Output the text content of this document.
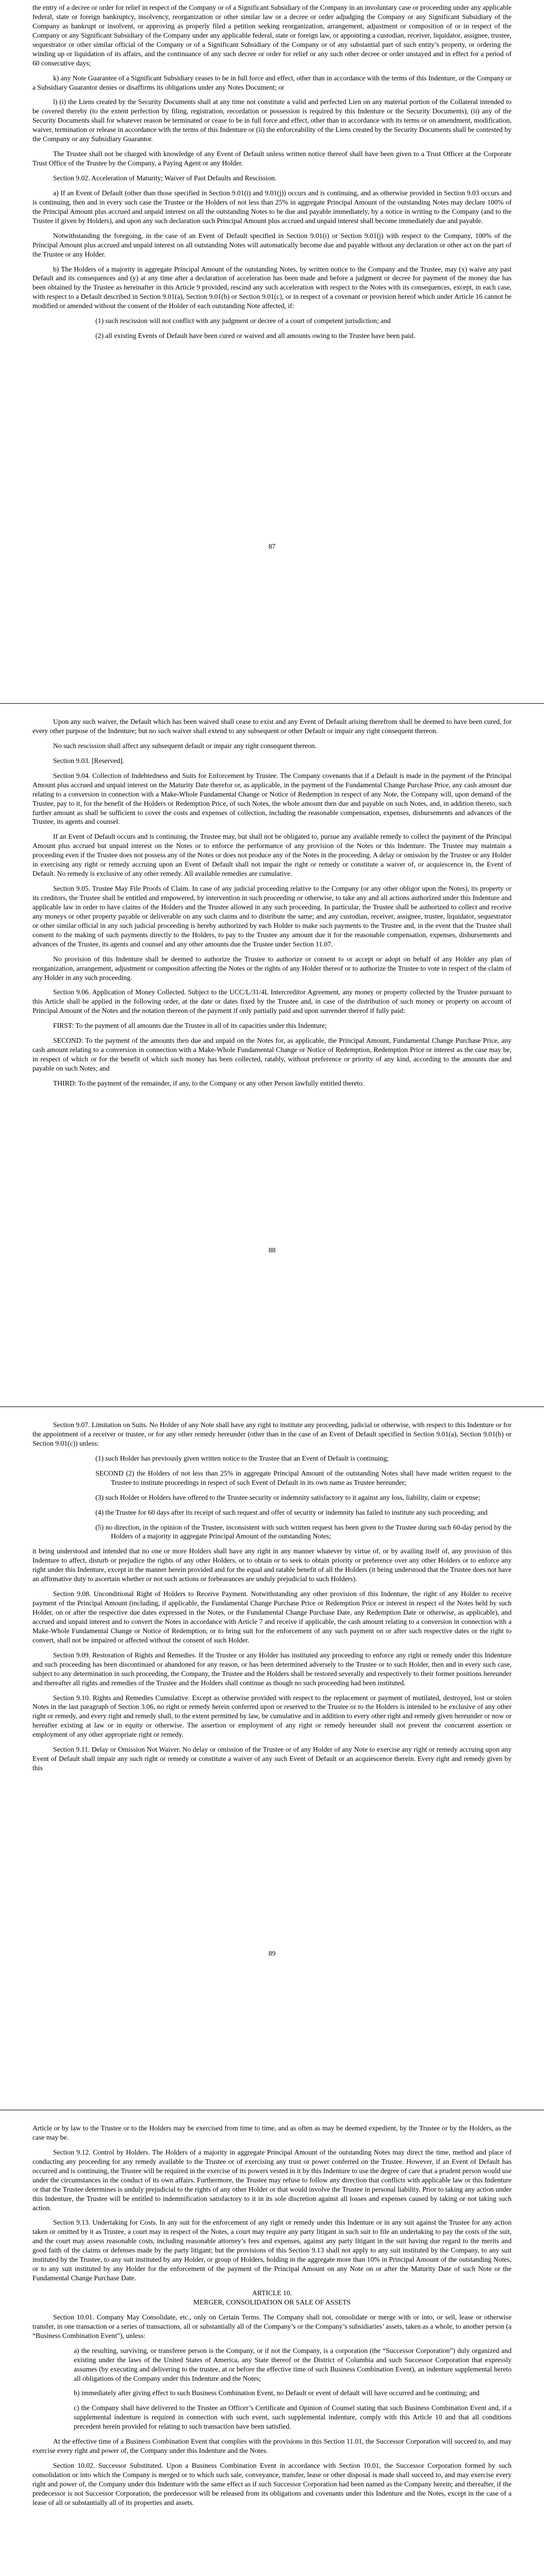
the entry of a decree or order for relief in respect of the Company or of a Significant Subsidiary of the Company in an involuntary case or proceeding under any applicable federal, state or foreign bankruptcy, insolvency, reorganization or other similar law or a decree or order adjudging the Company or any Significant Subsidiary of the Company as bankrupt or insolvent, or approving as properly filed a petition seeking reorganization, arrangement, adjustment or composition of or in respect of the Company or any Significant Subsidiary of the Company under any applicable federal, state or foreign law, or appointing a custodian, receiver, liquidator, assignee, trustee, sequestrator or other similar official of the Company or of a Significant Subsidiary of the Company or of any substantial part of such entity’s property, or ordering the winding up or liquidation of its affairs, and the continuance of any such decree or order for relief or any such other decree or order unstayed and in effect for a period of 60 consecutive days;

k) any Note Guarantee of a Significant Subsidiary ceases to be in full force and effect, other than in accordance with the terms of this Indenture, or the Company or a Subsidiary Guarantor denies or disaffirms its obligations under any Notes Document; or

l) (i) the Liens created by the Security Documents shall at any time not constitute a valid and perfected Lien on any material portion of the Collateral intended to be covered thereby (to the extent perfection by filing, registration, recordation or possession is required by this Indenture or the Security Documents), (ii) any of the Security Documents shall for whatever reason be terminated or cease to be in full force and effect, other than in accordance with its terms or on amendment, modification, waiver, termination or release in accordance with the terms of this Indenture or (ii) the enforceability of the Liens created by the Security Documents shall be contested by the Company or any Subsidiary Guarantor.

The Trustee shall not be charged with knowledge of any Event of Default unless written notice thereof shall have been given to a Trust Officer at the Corporate Trust Office of the Trustee by the Company, a Paying Agent or any Holder.

Section 9.02. Acceleration of Maturity; Waiver of Past Defaults and Rescission.

a) If an Event of Default (other than those specified in Section 9.01(i) and 9.01(j)) occurs and is continuing, and as otherwise provided in Section 9.03 occurs and is continuing, then and in every such case the Trustee or the Holders of not less than 25% in aggregate Principal Amount of the outstanding Notes may declare 100% of the Principal Amount plus accrued and unpaid interest on all the outstanding Notes to be due and payable immediately, by a notice in writing to the Company (and to the Trustee if given by Holders), and upon any such declaration such Principal Amount plus accrued and unpaid interest shall become immediately due and payable.

Notwithstanding the foregoing, in the case of an Event of Default specified in Section 9.01(i) or Section 9.01(j) with respect to the Company, 100% of the Principal Amount plus accrued and unpaid interest on all outstanding Notes will automatically become due and payable without any declaration or other act on the part of the Trustee or any Holder.

b) The Holders of a majority in aggregate Principal Amount of the outstanding Notes, by written notice to the Company and the Trustee, may (x) waive any past Default and its consequences and (y) at any time after a declaration of acceleration has been made and before a judgment or decree for payment of the money due has been obtained by the Trustee as hereinafter in this Article 9 provided, rescind any such acceleration with respect to the Notes with its consequences, except, in each case, with respect to a Default described in Section 9.01(a), Section 9.01(b) or Section 9.01(c), or in respect of a covenant or provision hereof which under Article 16 cannot be modified or amended without the consent of the Holder of each outstanding Note affected, if:

(1) such rescission will not conflict with any judgment or decree of a court of competent jurisdiction; and

(2) all existing Events of Default have been cured or waived and all amounts owing to the Trustee have been paid.

87

Upon any such waiver, the Default which has been waived shall cease to exist and any Event of Default arising therefrom shall be deemed to have been cured, for every other purpose of the Indenture; but no such waiver shall extend to any subsequent or other Default or impair any right consequent thereon.

No such rescission shall affect any subsequent default or impair any right consequent thereon.

Section 9.03. [Reserved].

Section 9.04. Collection of Indebtedness and Suits for Enforcement by Trustee. The Company covenants that if a Default is made in the payment of the Principal Amount plus accrued and unpaid interest on the Maturity Date therefor or, as applicable, in the payment of the Fundamental Change Purchase Price, any cash amount due relating to a conversion in connection with a Make-Whole Fundamental Change or Notice of Redemption in respect of any Note, the Company will, upon demand of the Trustee, pay to it, for the benefit of the Holders or Redemption Price, of such Notes, the whole amount then due and payable on such Notes, and, in addition thereto, such further amount as shall be sufficient to cover the costs and expenses of collection, including the reasonable compensation, expenses, disbursements and advances of the Trustee, its agents and counsel.

If an Event of Default occurs and is continuing, the Trustee may, but shall not be obligated to, pursue any available remedy to collect the payment of the Principal Amount plus accrued but unpaid interest on the Notes or to enforce the performance of any provision of the Notes or this Indenture. The Trustee may maintain a proceeding even if the Trustee does not possess any of the Notes or does not produce any of the Notes in the proceeding. A delay or omission by the Trustee or any Holder in exercising any right or remedy accruing upon an Event of Default shall not impair the right or remedy or constitute a waiver of, or acquiescence in, the Event of Default. No remedy is exclusive of any other remedy. All available remedies are cumulative.

Section 9.05. Trustee May File Proofs of Claim. In case of any judicial proceeding relative to the Company (or any other obligor upon the Notes), its property or its creditors, the Trustee shall be entitled and empowered, by intervention in such proceeding or otherwise, to take any and all actions authorized under this Indenture and applicable law in order to have claims of the Holders and the Trustee allowed in any such proceeding. In particular, the Trustee shall be authorized to collect and receive any moneys or other property payable or deliverable on any such claims and to distribute the same; and any custodian, receiver, assignee, trustee, liquidator, sequestrator or other similar official in any such judicial proceeding is hereby authorized by each Holder to make such payments to the Trustee and, in the event that the Trustee shall consent to the making of such payments directly to the Holders, to pay to the Trustee any amount due it for the reasonable compensation, expenses, disbursements and advances of the Trustee, its agents and counsel and any other amounts due the Trustee under Section 11.07.

No provision of this Indenture shall be deemed to authorize the Trustee to authorize or consent to or accept or adopt on behalf of any Holder any plan of reorganization, arrangement, adjustment or composition affecting the Notes or the rights of any Holder thereof or to authorize the Trustee to vote in respect of the claim of any Holder in any such proceeding.

Section 9.06. Application of Money Collected. Subject to the UCC/L/31/4L Intercreditor Agreement, any money or property collected by the Trustee pursuant to this Article shall be applied in the following order, at the date or dates fixed by the Trustee and, in case of the distribution of such money or property on account of Principal Amount of the Notes and the notation thereon of the payment if only partially paid and upon surrender thereof if fully paid:

FIRST: To the payment of all amounts due the Trustee in all of its capacities under this Indenture;

SECOND: To the payment of the amounts then due and unpaid on the Notes for, as applicable, the Principal Amount, Fundamental Change Purchase Price, any cash amount relating to a conversion in connection with a Make-Whole Fundamental Change or Notice of Redemption, Redemption Price or interest as the case may be, in respect of which or for the benefit of which such money has been collected, ratably, without preference or priority of any kind, according to the amounts due and payable on such Notes; and

THIRD: To the payment of the remainder, if any, to the Company or any other Person lawfully entitled thereto.

88

Section 9.07. Limitation on Suits. No Holder of any Note shall have any right to institute any proceeding, judicial or otherwise, with respect to this Indenture or for the appointment of a receiver or trustee, or for any other remedy hereunder (other than in the case of an Event of Default specified in Section 9.01(a), Section 9.01(b) or Section 9.01(c)) unless:

(1) such Holder has previously given written notice to the Trustee that an Event of Default is continuing;

SECOND (2) the Holders of not less than 25% in aggregate Principal Amount of the outstanding Notes shall have made written request to the Trustee to institute proceedings in respect of such Event of Default in its own name as Trustee hereunder;

(3) such Holder or Holders have offered to the Trustee security or indemnity satisfactory to it against any loss, liability, claim or expense;

(4) the Trustee for 60 days after its receipt of such request and offer of security or indemnity has failed to institute any such proceeding; and

(5) no direction, in the opinion of the Trustee, inconsistent with such written request has been given to the Trustee during such 60-day period by the Holders of a majority in aggregate Principal Amount of the outstanding Notes;

it being understood and intended that no one or more Holders shall have any right in any manner whatever by virtue of, or by availing itself of, any provision of this Indenture to affect, disturb or prejudice the rights of any other Holders, or to obtain or to seek to obtain priority or preference over any other Holders or to enforce any right under this Indenture, except in the manner herein provided and for the equal and ratable benefit of all the Holders (it being understood that the Trustee does not have an affirmative duty to ascertain whether or not such actions or forbearances are unduly prejudicial to such Holders).

Section 9.08. Unconditional Right of Holders to Receive Payment. Notwithstanding any other provision of this Indenture, the right of any Holder to receive payment of the Principal Amount (including, if applicable, the Fundamental Change Purchase Price or Redemption Price or interest in respect of the Notes held by such Holder, on or after the respective due dates expressed in the Notes, or the Fundamental Change Purchase Date, any Redemption Date or otherwise, as applicable), and accrued and unpaid interest and to convert the Notes in accordance with Article 7 and receive if applicable, the cash amount relating to a conversion in connection with a Make-Whole Fundamental Change or Notice of Redemption, or to bring suit for the enforcement of any such payment on or after such respective dates or the right to convert, shall not be impaired or affected without the consent of such Holder.

Section 9.09. Restoration of Rights and Remedies. If the Trustee or any Holder has instituted any proceeding to enforce any right or remedy under this Indenture and such proceeding has been discontinued or abandoned for any reason, or has been determined adversely to the Trustee or to such Holder, then and in every such case, subject to any determination in such proceeding, the Company, the Trustee and the Holders shall be restored severally and respectively to their former positions hereunder and thereafter all rights and remedies of the Trustee and the Holders shall continue as though no such proceeding had been instituted.

Section 9.10. Rights and Remedies Cumulative. Except as otherwise provided with respect to the replacement or payment of mutilated, destroyed, lost or stolen Notes in the last paragraph of Section 3.06, no right or remedy herein conferred upon or reserved to the Trustee or to the Holders is intended to be exclusive of any other right or remedy, and every right and remedy shall, to the extent permitted by law, be cumulative and in addition to every other right and remedy given hereunder or now or hereafter existing at law or in equity or otherwise. The assertion or employment of any right or remedy hereunder shall not prevent the concurrent assertion or employment of any other appropriate right or remedy.

Section 9.11. Delay or Omission Not Waiver. No delay or omission of the Trustee or of any Holder of any Note to exercise any right or remedy accruing upon any Event of Default shall impair any such right or remedy or constitute a waiver of any such Event of Default or an acquiescence therein. Every right and remedy given by this

89

Article or by law to the Trustee or to the Holders may be exercised from time to time, and as often as may be deemed expedient, by the Trustee or by the Holders, as the case may be.

Section 9.12. Control by Holders. The Holders of a majority in aggregate Principal Amount of the outstanding Notes may direct the time, method and place of conducting any proceeding for any remedy available to the Trustee or of exercising any trust or power conferred on the Trustee. However, if an Event of Default has occurred and is continuing, the Trustee will be required in the exercise of its powers vested in it by this Indenture to use the degree of care that a prudent person would use under the circumstances in the conduct of its own affairs. Furthermore, the Trustee may refuse to follow any direction that conflicts with applicable law or this Indenture or that the Trustee determines is unduly prejudicial to the rights of any other Holder or that would involve the Trustee in personal liability. Prior to taking any action under this Indenture, the Trustee will be entitled to indemnification satisfactory to it in its sole discretion against all losses and expenses caused by taking or not taking such action.

Section 9.13. Undertaking for Costs. In any suit for the enforcement of any right or remedy under this Indenture or in any suit against the Trustee for any action taken or omitted by it as Trustee, a court may in respect of the Notes, a court may require any party litigant in such suit to file an undertaking to pay the costs of the suit, and the court may assess reasonable costs, including reasonable attorney’s fees and expenses, against any party litigant in the suit having due regard to the merits and good faith of the claims or defenses made by the party litigant; but the provisions of this Section 9.13 shall not apply to any suit instituted by the Company, to any suit instituted by the Trustee, to any suit instituted by any Holder, or group of Holders, holding in the aggregate more than 10% in Principal Amount of the outstanding Notes, or to any suit instituted by any Holder for the enforcement of the payment of the Principal Amount on any Note on or after the Maturity Date of such Note or the Fundamental Change Purchase Date.

ARTICLE 10.

MERGER, CONSOLIDATION OR SALE OF ASSETS

Section 10.01. Company May Consolidate, etc., only on Certain Terms. The Company shall not, consolidate or merge with or into, or sell, lease or otherwise transfer, in one transaction or a series of transactions, all or substantially all of the Company’s or the Company’s subsidiaries’ assets, taken as a whole, to another person (a “Business Combination Event”), unless:

a) the resulting, surviving, or transferee person is the Company, or if not the Company, is a corporation (the “Successor Corporation”) duly organized and existing under the laws of the United States of America, any State thereof or the District of Columbia and such Successor Corporation that expressly assumes (by executing and delivering to the trustee, at or before the effective time of such Business Combination Event), an indenture supplemental hereto all obligations of the Company under this Indenture and the Notes;

b) immediately after giving effect to such Business Combination Event, no Default or event of default will have occurred and be continuing; and

c) the Company shall have delivered to the Trustee an Officer’s Certificate and Opinion of Counsel stating that such Business Combination Event and, if a supplemental indenture is required in connection with such event, such supplemental indenture, comply with this Article 10 and that all conditions precedent herein provided for relating to such transaction have been satisfied.

At the effective time of a Business Combination Event that complies with the provisions in this Section 11.01, the Successor Corporation will succeed to, and may exercise every right and power of, the Company under this Indenture and the Notes.

Section 10.02. Successor Substituted. Upon a Business Combination Event in accordance with Section 10.01, the Successor Corporation formed by such consolidation or into which the Company is merged or to which such sale, conveyance, transfer, lease or other disposal is made shall succeed to, and may exercise every right and power of, the Company under this Indenture with the same effect as if such Successor Corporation had been named as the Company herein; and thereafter, if the predecessor is not Successor Corporation, the predecessor will be released from its obligations and covenants under this Indenture and the Notes, except in the case of a lease of all or substantially all of its properties and assets.
